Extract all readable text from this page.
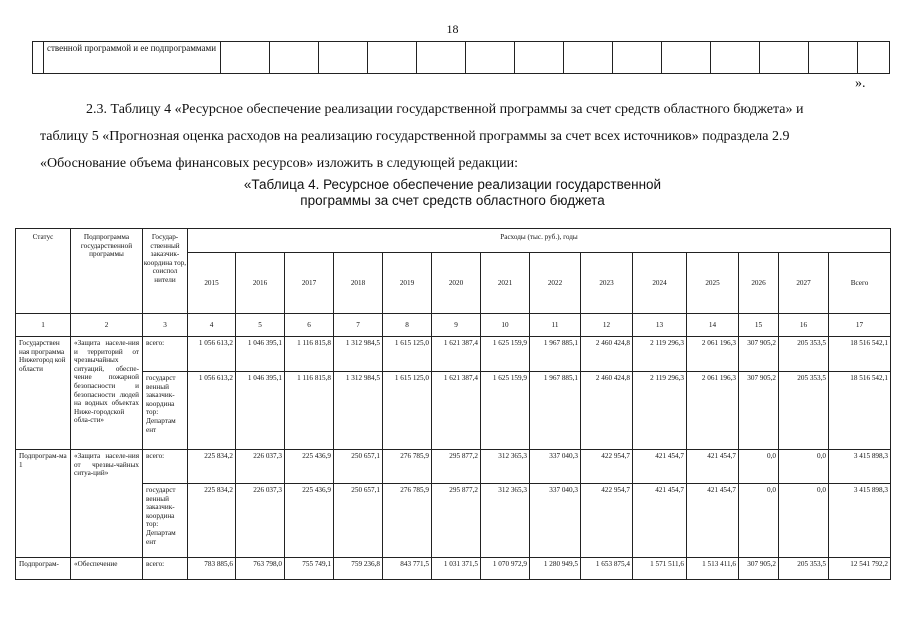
18
	ственной программой и ее подпрограммами														
».
2.3. Таблицу 4 «Ресурсное обеспечение реализации государственной программы за счет средств областного бюджета» и
таблицу 5 «Прогнозная оценка расходов на реализацию государственной программы за счет всех источников» подраздела 2.9
«Обоснование объема финансовых ресурсов» изложить в следующей редакции:
«Таблица 4. Ресурсное обеспечение реализации государственной
программы за счет средств областного бюджета
Статус	Подпрограмма государственной программы	Государ-ственный заказчик-координа тор, соиспол нители	Расходы (тыс. руб.), годы													
			2015	2016	2017	2018	2019	2020	2021	2022	2023	2024	2025	2026	2027	Всего
1	2	3	4	5	6	7	8	9	10	11	12	13	14	15	16	17
Государствен ная программа Нижегород кой области	«Защита населе-ния и территорий от чрезвычайных ситуаций, обеспе-чение пожарной безопасности и безопасности людей на водных объектах Ниже-городской обла-сти»	всего:	1 056 613,2	1 046 395,1	1 116 815,8	1 312 984,5	1 615 125,0	1 621 387,4	1 625 159,9	1 967 885,1	2 460 424,8	2 119 296,3	2 061 196,3	307 905,2	205 353,5	18 516 542,1
		государст венный заказчик-координа тор: Департам ент	1 056 613,2	1 046 395,1	1 116 815,8	1 312 984,5	1 615 125,0	1 621 387,4	1 625 159,9	1 967 885,1	2 460 424,8	2 119 296,3	2 061 196,3	307 905,2	205 353,5	18 516 542,1
Подпрограм-ма 1	«Защита населе-ния от чрезвы-чайных ситуа-ций»	всего:	225 834,2	226 037,3	225 436,9	250 657,1	276 785,9	295 877,2	312 365,3	337 040,3	422 954,7	421 454,7	421 454,7	0,0	0,0	3 415 898,3
		государст венный заказчик-координа тор: Департам ент	225 834,2	226 037,3	225 436,9	250 657,1	276 785,9	295 877,2	312 365,3	337 040,3	422 954,7	421 454,7	421 454,7	0,0	0,0	3 415 898,3
Подпрограм-	«Обеспечение	всего:	783 885,6	763 798,0	755 749,1	759 236,8	843 771,5	1 031 371,5	1 070 972,9	1 280 949,5	1 653 875,4	1 571 511,6	1 513 411,6	307 905,2	205 353,5	12 541 792,2
